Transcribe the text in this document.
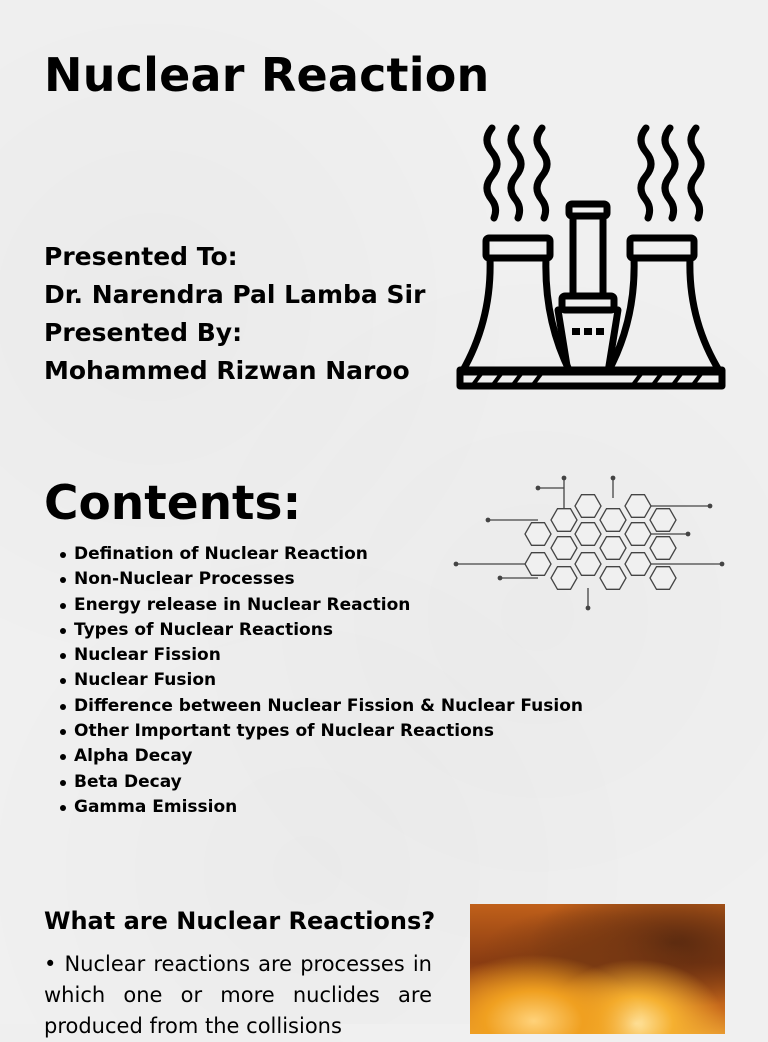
Nuclear Reaction
Presented To:
Dr. Narendra Pal Lamba Sir
Presented By:
Mohammed Rizwan Naroo
Contents:
Defination of Nuclear Reaction
Non-Nuclear Processes
Energy release in Nuclear Reaction
Types of Nuclear Reactions
Nuclear Fission
Nuclear Fusion
Difference between Nuclear Fission & Nuclear Fusion
Other Important types of Nuclear Reactions
Alpha Decay
Beta Decay
Gamma Emission
What are Nuclear Reactions?

• Nuclear reactions are processes in which one or more nuclides are produced from the collisions
